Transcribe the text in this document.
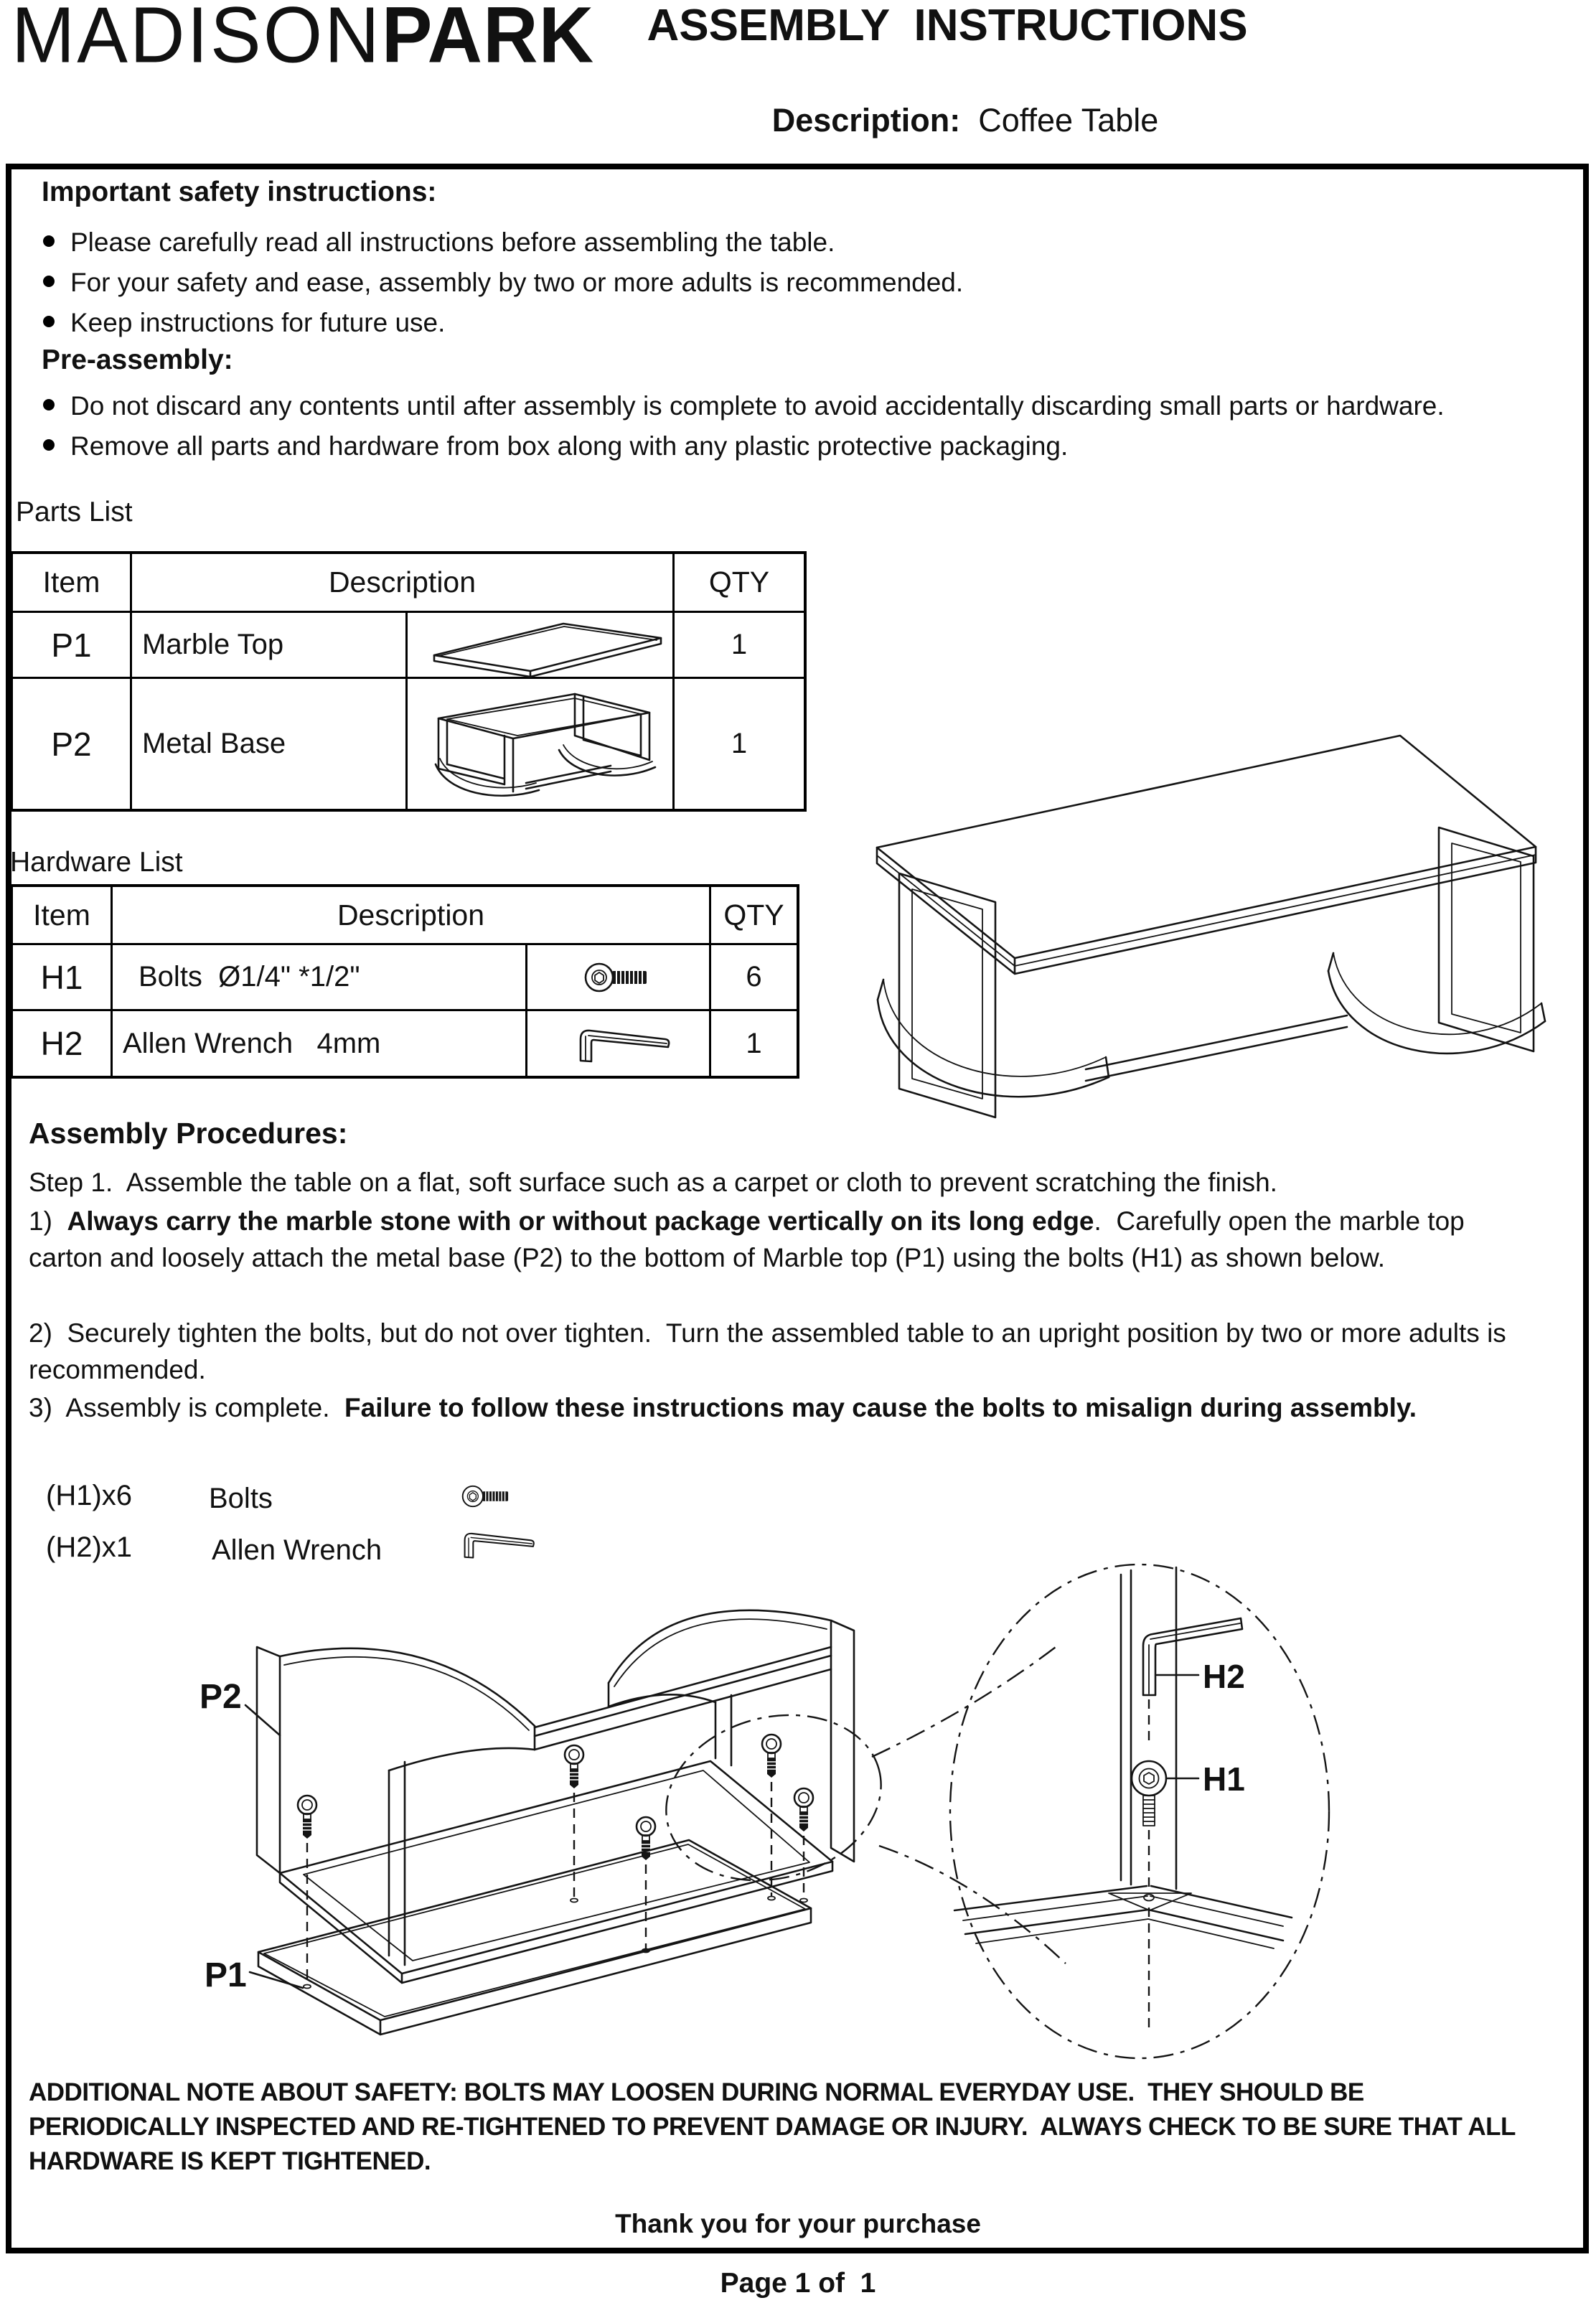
MADISONPARK	ASSEMBLY  INSTRUCTIONS

Description: Coffee Table

Important safety instructions:
Please carefully read all instructions before assembling the table.
For your safety and ease, assembly by two or more adults is recommended.
Keep instructions for future use.
Pre-assembly:
Do not discard any contents until after assembly is complete to avoid accidentally discarding small parts or hardware.
Remove all parts and hardware from box along with any plastic protective packaging.
Parts List
Item	Description	QTY
P1	Marble Top	1
P2	Metal Base	1
Hardware List
Item	Description	QTY
H1	Bolts  Ø1/4" *1/2"	6
H2	Allen Wrench   4mm	1
Assembly Procedures:
Step 1.  Assemble the table on a flat, soft surface such as a carpet or cloth to prevent scratching the finish.
1)  Always carry the marble stone with or without package vertically on its long edge.  Carefully open the marble top carton and loosely attach the metal base (P2) to the bottom of Marble top (P1) using the bolts (H1) as shown below.
2)  Securely tighten the bolts, but do not over tighten.  Turn the assembled table to an upright position by two or more adults is recommended.
3)  Assembly is complete.  Failure to follow these instructions may cause the bolts to misalign during assembly.
(H1)x6	Bolts
(H2)x1	Allen Wrench
P2
P1
H2
H1
ADDITIONAL NOTE ABOUT SAFETY: BOLTS MAY LOOSEN DURING NORMAL EVERYDAY USE.  THEY SHOULD BE
PERIODICALLY INSPECTED AND RE-TIGHTENED TO PREVENT DAMAGE OR INJURY.  ALWAYS CHECK TO BE SURE THAT ALL
HARDWARE IS KEPT TIGHTENED.
Thank you for your purchase
Page 1 of  1
